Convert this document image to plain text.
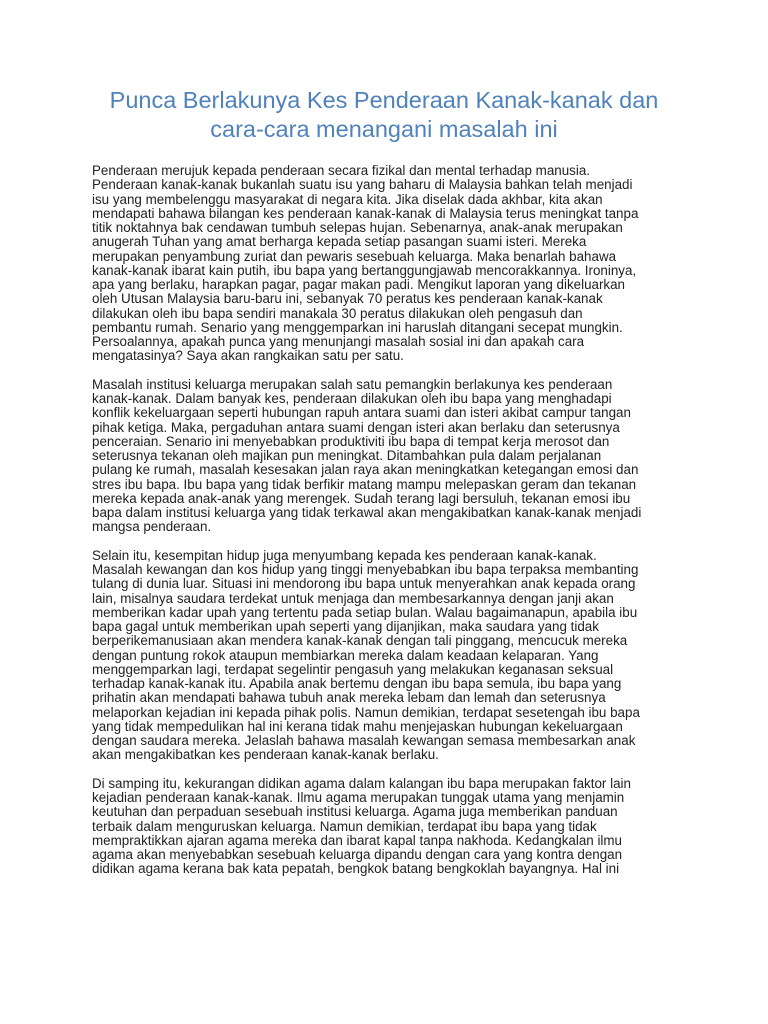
Punca Berlakunya Kes Penderaan Kanak-kanak dan
cara-cara menangani masalah ini

Penderaan merujuk kepada penderaan secara fizikal dan mental terhadap manusia.
Penderaan kanak-kanak bukanlah suatu isu yang baharu di Malaysia bahkan telah menjadi
isu yang membelenggu masyarakat di negara kita. Jika diselak dada akhbar, kita akan
mendapati bahawa bilangan kes penderaan kanak-kanak di Malaysia terus meningkat tanpa
titik noktahnya bak cendawan tumbuh selepas hujan. Sebenarnya, anak-anak merupakan
anugerah Tuhan yang amat berharga kepada setiap pasangan suami isteri. Mereka
merupakan penyambung zuriat dan pewaris sesebuah keluarga. Maka benarlah bahawa
kanak-kanak ibarat kain putih, ibu bapa yang bertanggungjawab mencorakkannya. Ironinya,
apa yang berlaku, harapkan pagar, pagar makan padi. Mengikut laporan yang dikeluarkan
oleh Utusan Malaysia baru-baru ini, sebanyak 70 peratus kes penderaan kanak-kanak
dilakukan oleh ibu bapa sendiri manakala 30 peratus dilakukan oleh pengasuh dan
pembantu rumah. Senario yang menggemparkan ini haruslah ditangani secepat mungkin.
Persoalannya, apakah punca yang menunjangi masalah sosial ini dan apakah cara
mengatasinya? Saya akan rangkaikan satu per satu.

Masalah institusi keluarga merupakan salah satu pemangkin berlakunya kes penderaan
kanak-kanak. Dalam banyak kes, penderaan dilakukan oleh ibu bapa yang menghadapi
konflik kekeluargaan seperti hubungan rapuh antara suami dan isteri akibat campur tangan
pihak ketiga. Maka, pergaduhan antara suami dengan isteri akan berlaku dan seterusnya
penceraian. Senario ini menyebabkan produktiviti ibu bapa di tempat kerja merosot dan
seterusnya tekanan oleh majikan pun meningkat. Ditambahkan pula dalam perjalanan
pulang ke rumah, masalah kesesakan jalan raya akan meningkatkan ketegangan emosi dan
stres ibu bapa. Ibu bapa yang tidak berfikir matang mampu melepaskan geram dan tekanan
mereka kepada anak-anak yang merengek. Sudah terang lagi bersuluh, tekanan emosi ibu
bapa dalam institusi keluarga yang tidak terkawal akan mengakibatkan kanak-kanak menjadi
mangsa penderaan.

Selain itu, kesempitan hidup juga menyumbang kepada kes penderaan kanak-kanak.
Masalah kewangan dan kos hidup yang tinggi menyebabkan ibu bapa terpaksa membanting
tulang di dunia luar. Situasi ini mendorong ibu bapa untuk menyerahkan anak kepada orang
lain, misalnya saudara terdekat untuk menjaga dan membesarkannya dengan janji akan
memberikan kadar upah yang tertentu pada setiap bulan. Walau bagaimanapun, apabila ibu
bapa gagal untuk memberikan upah seperti yang dijanjikan, maka saudara yang tidak
berperikemanusiaan akan mendera kanak-kanak dengan tali pinggang, mencucuk mereka
dengan puntung rokok ataupun membiarkan mereka dalam keadaan kelaparan. Yang
menggemparkan lagi, terdapat segelintir pengasuh yang melakukan keganasan seksual
terhadap kanak-kanak itu. Apabila anak bertemu dengan ibu bapa semula, ibu bapa yang
prihatin akan mendapati bahawa tubuh anak mereka lebam dan lemah dan seterusnya
melaporkan kejadian ini kepada pihak polis. Namun demikian, terdapat sesetengah ibu bapa
yang tidak mempedulikan hal ini kerana tidak mahu menjejaskan hubungan kekeluargaan
dengan saudara mereka. Jelaslah bahawa masalah kewangan semasa membesarkan anak
akan mengakibatkan kes penderaan kanak-kanak berlaku.

Di samping itu, kekurangan didikan agama dalam kalangan ibu bapa merupakan faktor lain
kejadian penderaan kanak-kanak. Ilmu agama merupakan tunggak utama yang menjamin
keutuhan dan perpaduan sesebuah institusi keluarga. Agama juga memberikan panduan
terbaik dalam menguruskan keluarga. Namun demikian, terdapat ibu bapa yang tidak
mempraktikkan ajaran agama mereka dan ibarat kapal tanpa nakhoda. Kedangkalan ilmu
agama akan menyebabkan sesebuah keluarga dipandu dengan cara yang kontra dengan
didikan agama kerana bak kata pepatah, bengkok batang bengkoklah bayangnya. Hal ini
